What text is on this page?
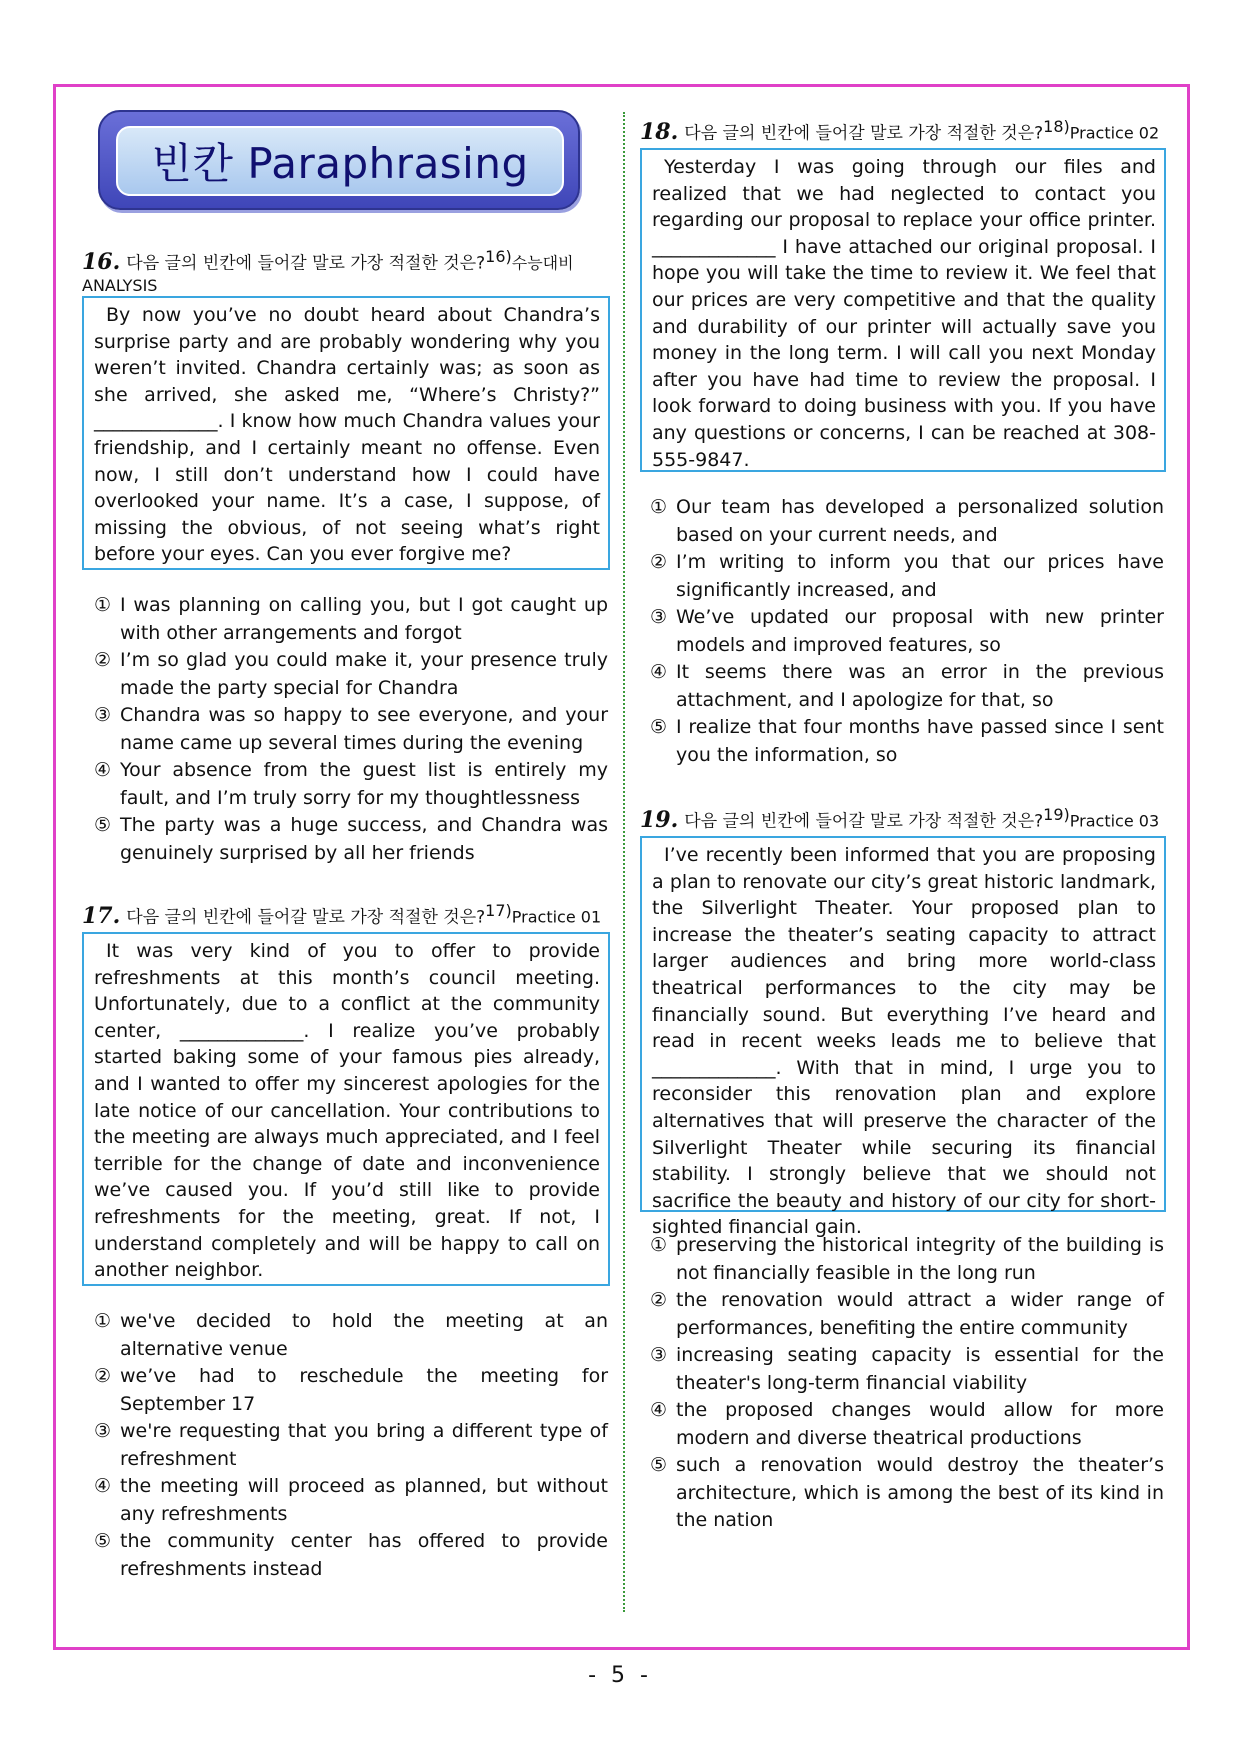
빈칸 Paraphrasing
16. 다음 글의 빈칸에 들어갈 말로 가장 적절한 것은?$^{16)}$수능대비 ANALYSIS

By now you’ve no doubt heard about Chandra’s surprise party and are probably wondering why you weren’t invited. Chandra certainly was; as soon as she arrived, she asked me, “Where’s Christy?” _____________. I know how much Chandra values your friendship, and I certainly meant no offense. Even now, I still don’t understand how I could have overlooked your name. It’s a case, I suppose, of missing the obvious, of not seeing what’s right before your eyes. Can you ever forgive me?

① I was planning on calling you, but I got caught up with other arrangements and forgot
② I’m so glad you could make it, your presence truly made the party special for Chandra
③ Chandra was so happy to see everyone, and your name came up several times during the evening
④ Your absence from the guest list is entirely my fault, and I’m truly sorry for my thoughtlessness
⑤ The party was a huge success, and Chandra was genuinely surprised by all her friends
17. 다음 글의 빈칸에 들어갈 말로 가장 적절한 것은?$^{17)}$Practice 01

It was very kind of you to offer to provide refreshments at this month’s council meeting. Unfortunately, due to a conflict at the community center, _____________. I realize you’ve probably started baking some of your famous pies already, and I wanted to offer my sincerest apologies for the late notice of our cancellation. Your contributions to the meeting are always much appreciated, and I feel terrible for the change of date and inconvenience we’ve caused you. If you’d still like to provide refreshments for the meeting, great. If not, I understand completely and will be happy to call on another neighbor.

① we've decided to hold the meeting at an alternative venue
② we’ve had to reschedule the meeting for September 17
③ we're requesting that you bring a different type of refreshment
④ the meeting will proceed as planned, but without any refreshments
⑤ the community center has offered to provide refreshments instead
18. 다음 글의 빈칸에 들어갈 말로 가장 적절한 것은?$^{18)}$Practice 02

Yesterday I was going through our files and realized that we had neglected to contact you regarding our proposal to replace your office printer. _____________ I have attached our original proposal. I hope you will take the time to review it. We feel that our prices are very competitive and that the quality and durability of our printer will actually save you money in the long term. I will call you next Monday after you have had time to review the proposal. I look forward to doing business with you. If you have any questions or concerns, I can be reached at 308-555-9847.

① Our team has developed a personalized solution based on your current needs, and
② I’m writing to inform you that our prices have significantly increased, and
③ We’ve updated our proposal with new printer models and improved features, so
④ It seems there was an error in the previous attachment, and I apologize for that, so
⑤ I realize that four months have passed since I sent you the information, so
19. 다음 글의 빈칸에 들어갈 말로 가장 적절한 것은?$^{19)}$Practice 03

I’ve recently been informed that you are proposing a plan to renovate our city’s great historic landmark, the Silverlight Theater. Your proposed plan to increase the theater’s seating capacity to attract larger audiences and bring more world-class theatrical performances to the city may be financially sound. But everything I’ve heard and read in recent weeks leads me to believe that _____________. With that in mind, I urge you to reconsider this renovation plan and explore alternatives that will preserve the character of the Silverlight Theater while securing its financial stability. I strongly believe that we should not sacrifice the beauty and history of our city for short-sighted financial gain.

① preserving the historical integrity of the building is not financially feasible in the long run
② the renovation would attract a wider range of performances, benefiting the entire community
③ increasing seating capacity is essential for the theater's long-term financial viability
④ the proposed changes would allow for more modern and diverse theatrical productions
⑤ such a renovation would destroy the theater’s architecture, which is among the best of its kind in the nation
- 5 -
